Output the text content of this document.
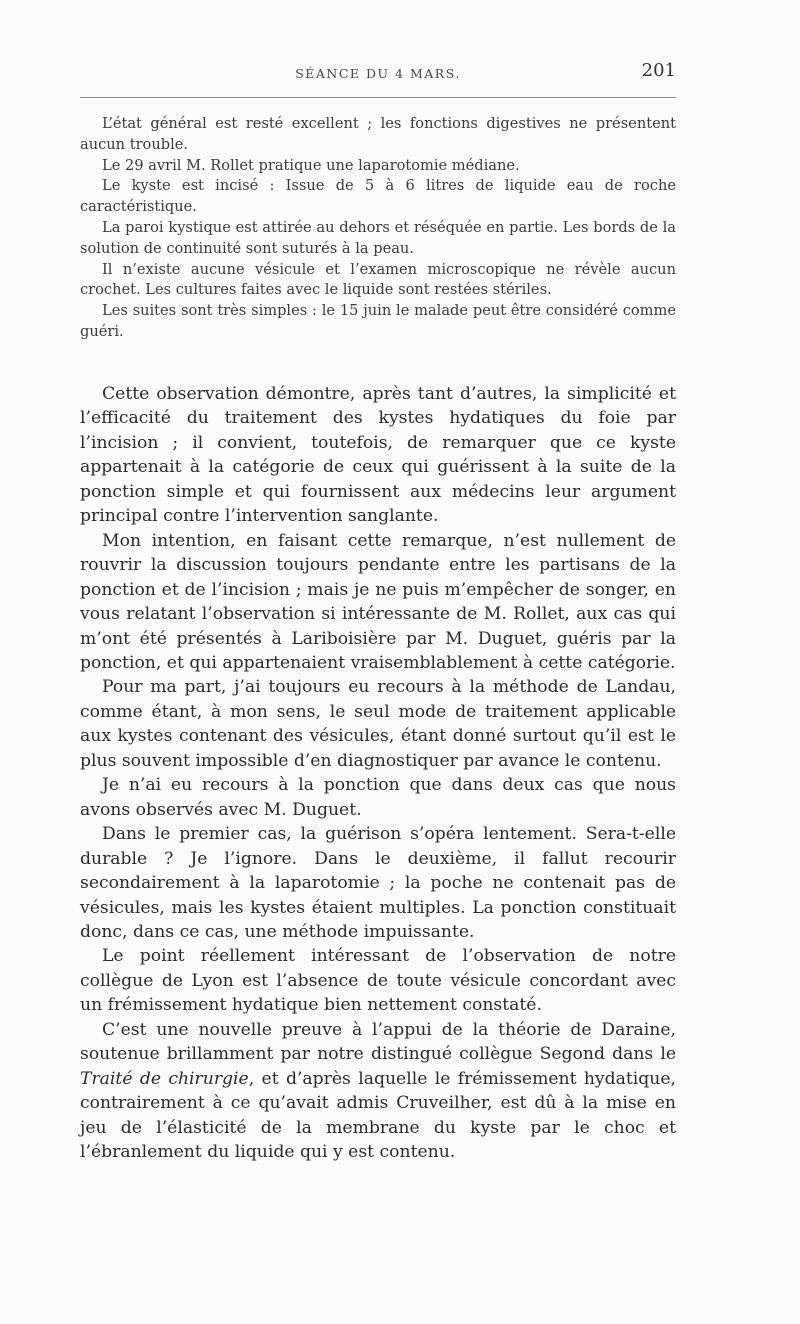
SÉANCE DU 4 MARS.	201

L’état général est resté excellent ; les fonctions digestives ne présentent aucun trouble.

Le 29 avril M. Rollet pratique une laparotomie médiane.

Le kyste est incisé : Issue de 5 à 6 litres de liquide eau de roche caractéristique.

La paroi kystique est attirée au dehors et réséquée en partie. Les bords de la solution de continuité sont suturés à la peau.

Il n’existe aucune vésicule et l’examen microscopique ne révèle aucun crochet. Les cultures faites avec le liquide sont restées stériles.

Les suites sont très simples : le 15 juin le malade peut être considéré comme guéri.

Cette observation démontre, après tant d’autres, la simplicité et l’efficacité du traitement des kystes hydatiques du foie par l’incision ; il convient, toutefois, de remarquer que ce kyste appartenait à la catégorie de ceux qui guérissent à la suite de la ponction simple et qui fournissent aux médecins leur argument principal contre l’intervention sanglante.

Mon intention, en faisant cette remarque, n’est nullement de rouvrir la discussion toujours pendante entre les partisans de la ponction et de l’incision ; mais je ne puis m’empêcher de songer, en vous relatant l’observation si intéressante de M. Rollet, aux cas qui m’ont été présentés à Lariboisière par M. Duguet, guéris par la ponction, et qui appartenaient vraisemblablement à cette catégorie.

Pour ma part, j’ai toujours eu recours à la méthode de Landau, comme étant, à mon sens, le seul mode de traitement applicable aux kystes contenant des vésicules, étant donné surtout qu’il est le plus souvent impossible d’en diagnostiquer par avance le contenu.

Je n’ai eu recours à la ponction que dans deux cas que nous avons observés avec M. Duguet.

Dans le premier cas, la guérison s’opéra lentement. Sera-t-elle durable ? Je l’ignore. Dans le deuxième, il fallut recourir secondairement à la laparotomie ; la poche ne contenait pas de vésicules, mais les kystes étaient multiples. La ponction constituait donc, dans ce cas, une méthode impuissante.

Le point réellement intéressant de l’observation de notre collègue de Lyon est l’absence de toute vésicule concordant avec un frémissement hydatique bien nettement constaté.

C’est une nouvelle preuve à l’appui de la théorie de Daraine, soutenue brillamment par notre distingué collègue Segond dans le Traité de chirurgie, et d’après laquelle le frémissement hydatique, contrairement à ce qu’avait admis Cruveilher, est dû à la mise en jeu de l’élasticité de la membrane du kyste par le choc et l’ébranlement du liquide qui y est contenu.
